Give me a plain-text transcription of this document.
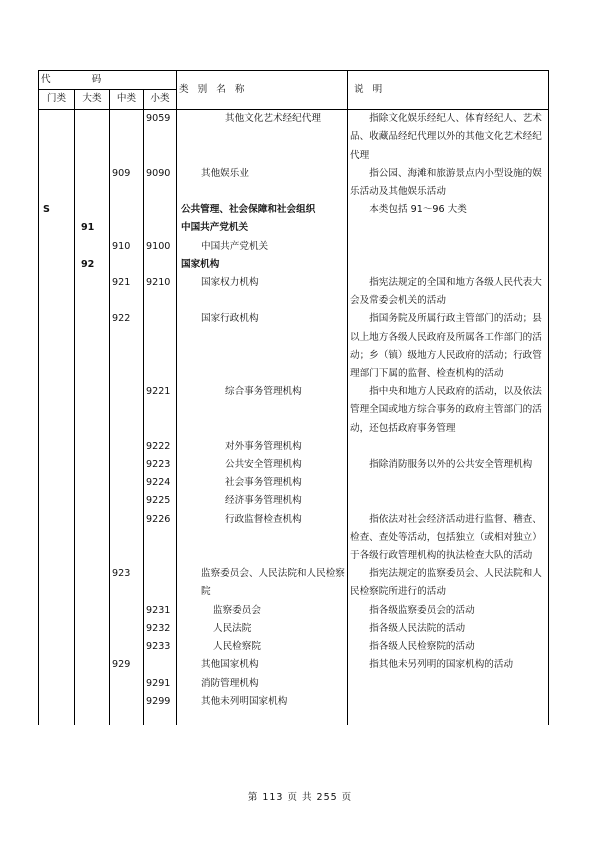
代 码				类 别 名 称	说 明
门类	大类	中类	小类		
			9059	其他文化艺术经纪代理	指除文化娱乐经纪人、体育经纪人、艺术品、收藏品经纪代理以外的其他文化艺术经纪代理
		909	9090	其他娱乐业	指公园、海滩和旅游景点内小型设施的娱乐活动及其他娱乐活动
S				公共管理、社会保障和社会组织	本类包括 91～96 大类
	91			中国共产党机关	
		910	9100	中国共产党机关	
	92			国家机构	
		921	9210	国家权力机构	指宪法规定的全国和地方各级人民代表大会及常委会机关的活动
		922		国家行政机构	指国务院及所属行政主管部门的活动；县以上地方各级人民政府及所属各工作部门的活动；乡（镇）级地方人民政府的活动；行政管理部门下属的监督、检查机构的活动
			9221	综合事务管理机构	指中央和地方人民政府的活动，以及依法管理全国或地方综合事务的政府主管部门的活动，还包括政府事务管理
			9222	对外事务管理机构	
			9223	公共安全管理机构	指除消防服务以外的公共安全管理机构
			9224	社会事务管理机构	
			9225	经济事务管理机构	
			9226	行政监督检查机构	指依法对社会经济活动进行监督、稽查、检查、查处等活动，包括独立（或相对独立）于各级行政管理机构的执法检查大队的活动
		923		监察委员会、人民法院和人民检察院	指宪法规定的监察委员会、人民法院和人民检察院所进行的活动
			9231	监察委员会	指各级监察委员会的活动
			9232	人民法院	指各级人民法院的活动
			9233	人民检察院	指各级人民检察院的活动
		929		其他国家机构	指其他未另列明的国家机构的活动
			9291	消防管理机构	
			9299	其他未列明国家机构	

第 113 页 共 255 页
